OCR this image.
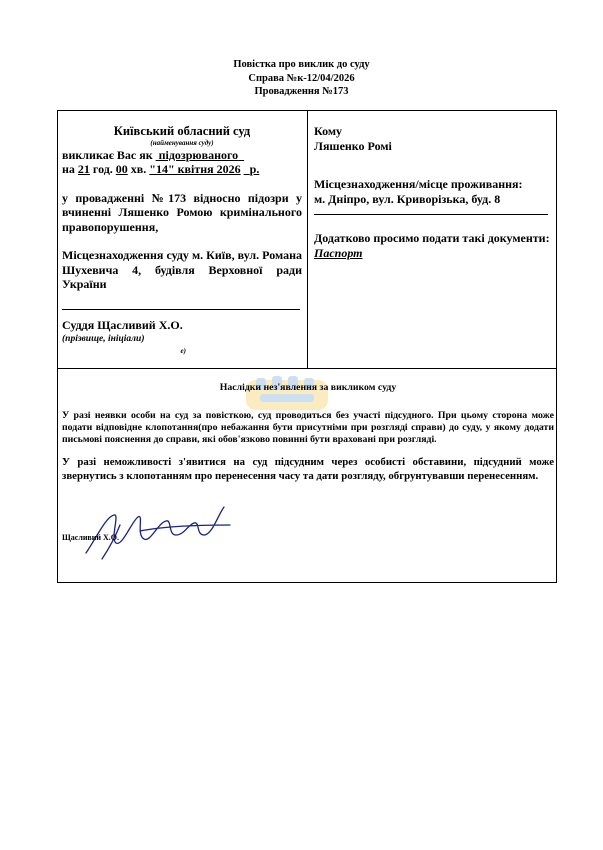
Повістка про виклик до суду
Справа №к-12/04/2026
Провадження №173
Київський обласний суд
(найменування суду)
викликає Вас як підозрюваного
на 21 год. 00 хв. "14" квітня 2026 р.
у провадженні №173 відносно підозри у вчиненні Ляшенко Ромою кримінального правопорушення,
Місцезнаходження суду м. Київ, вул. Романа Шухевича 4, будівля Верховної ради України
Суддя Щасливий Х.О.
(прізвище, ініціали)
е)
Кому
Ляшенко Ромі
Місцезнаходження/місце проживання:
м. Дніпро, вул. Криворізька, буд. 8
Додатково просимо подати такі документи:
Паспорт
Наслідки нез'явлення за викликом суду
У разі неявки особи на суд за повісткою, суд проводиться без участі підсудного. При цьому сторона може подати відповідне клопотання(про небажання бути присутніми при розгляді справи) до суду, у якому додати письмові пояснення до справи, які обов'язково повинні бути враховані при розгляді.
У разі неможливості з'явитися на суд підсудним через особисті обставини, підсудний може звернутись з клопотанням про перенесення часу та дати розгляду, обгрунтувавши перенесенням.
Щасливий Х.О.
